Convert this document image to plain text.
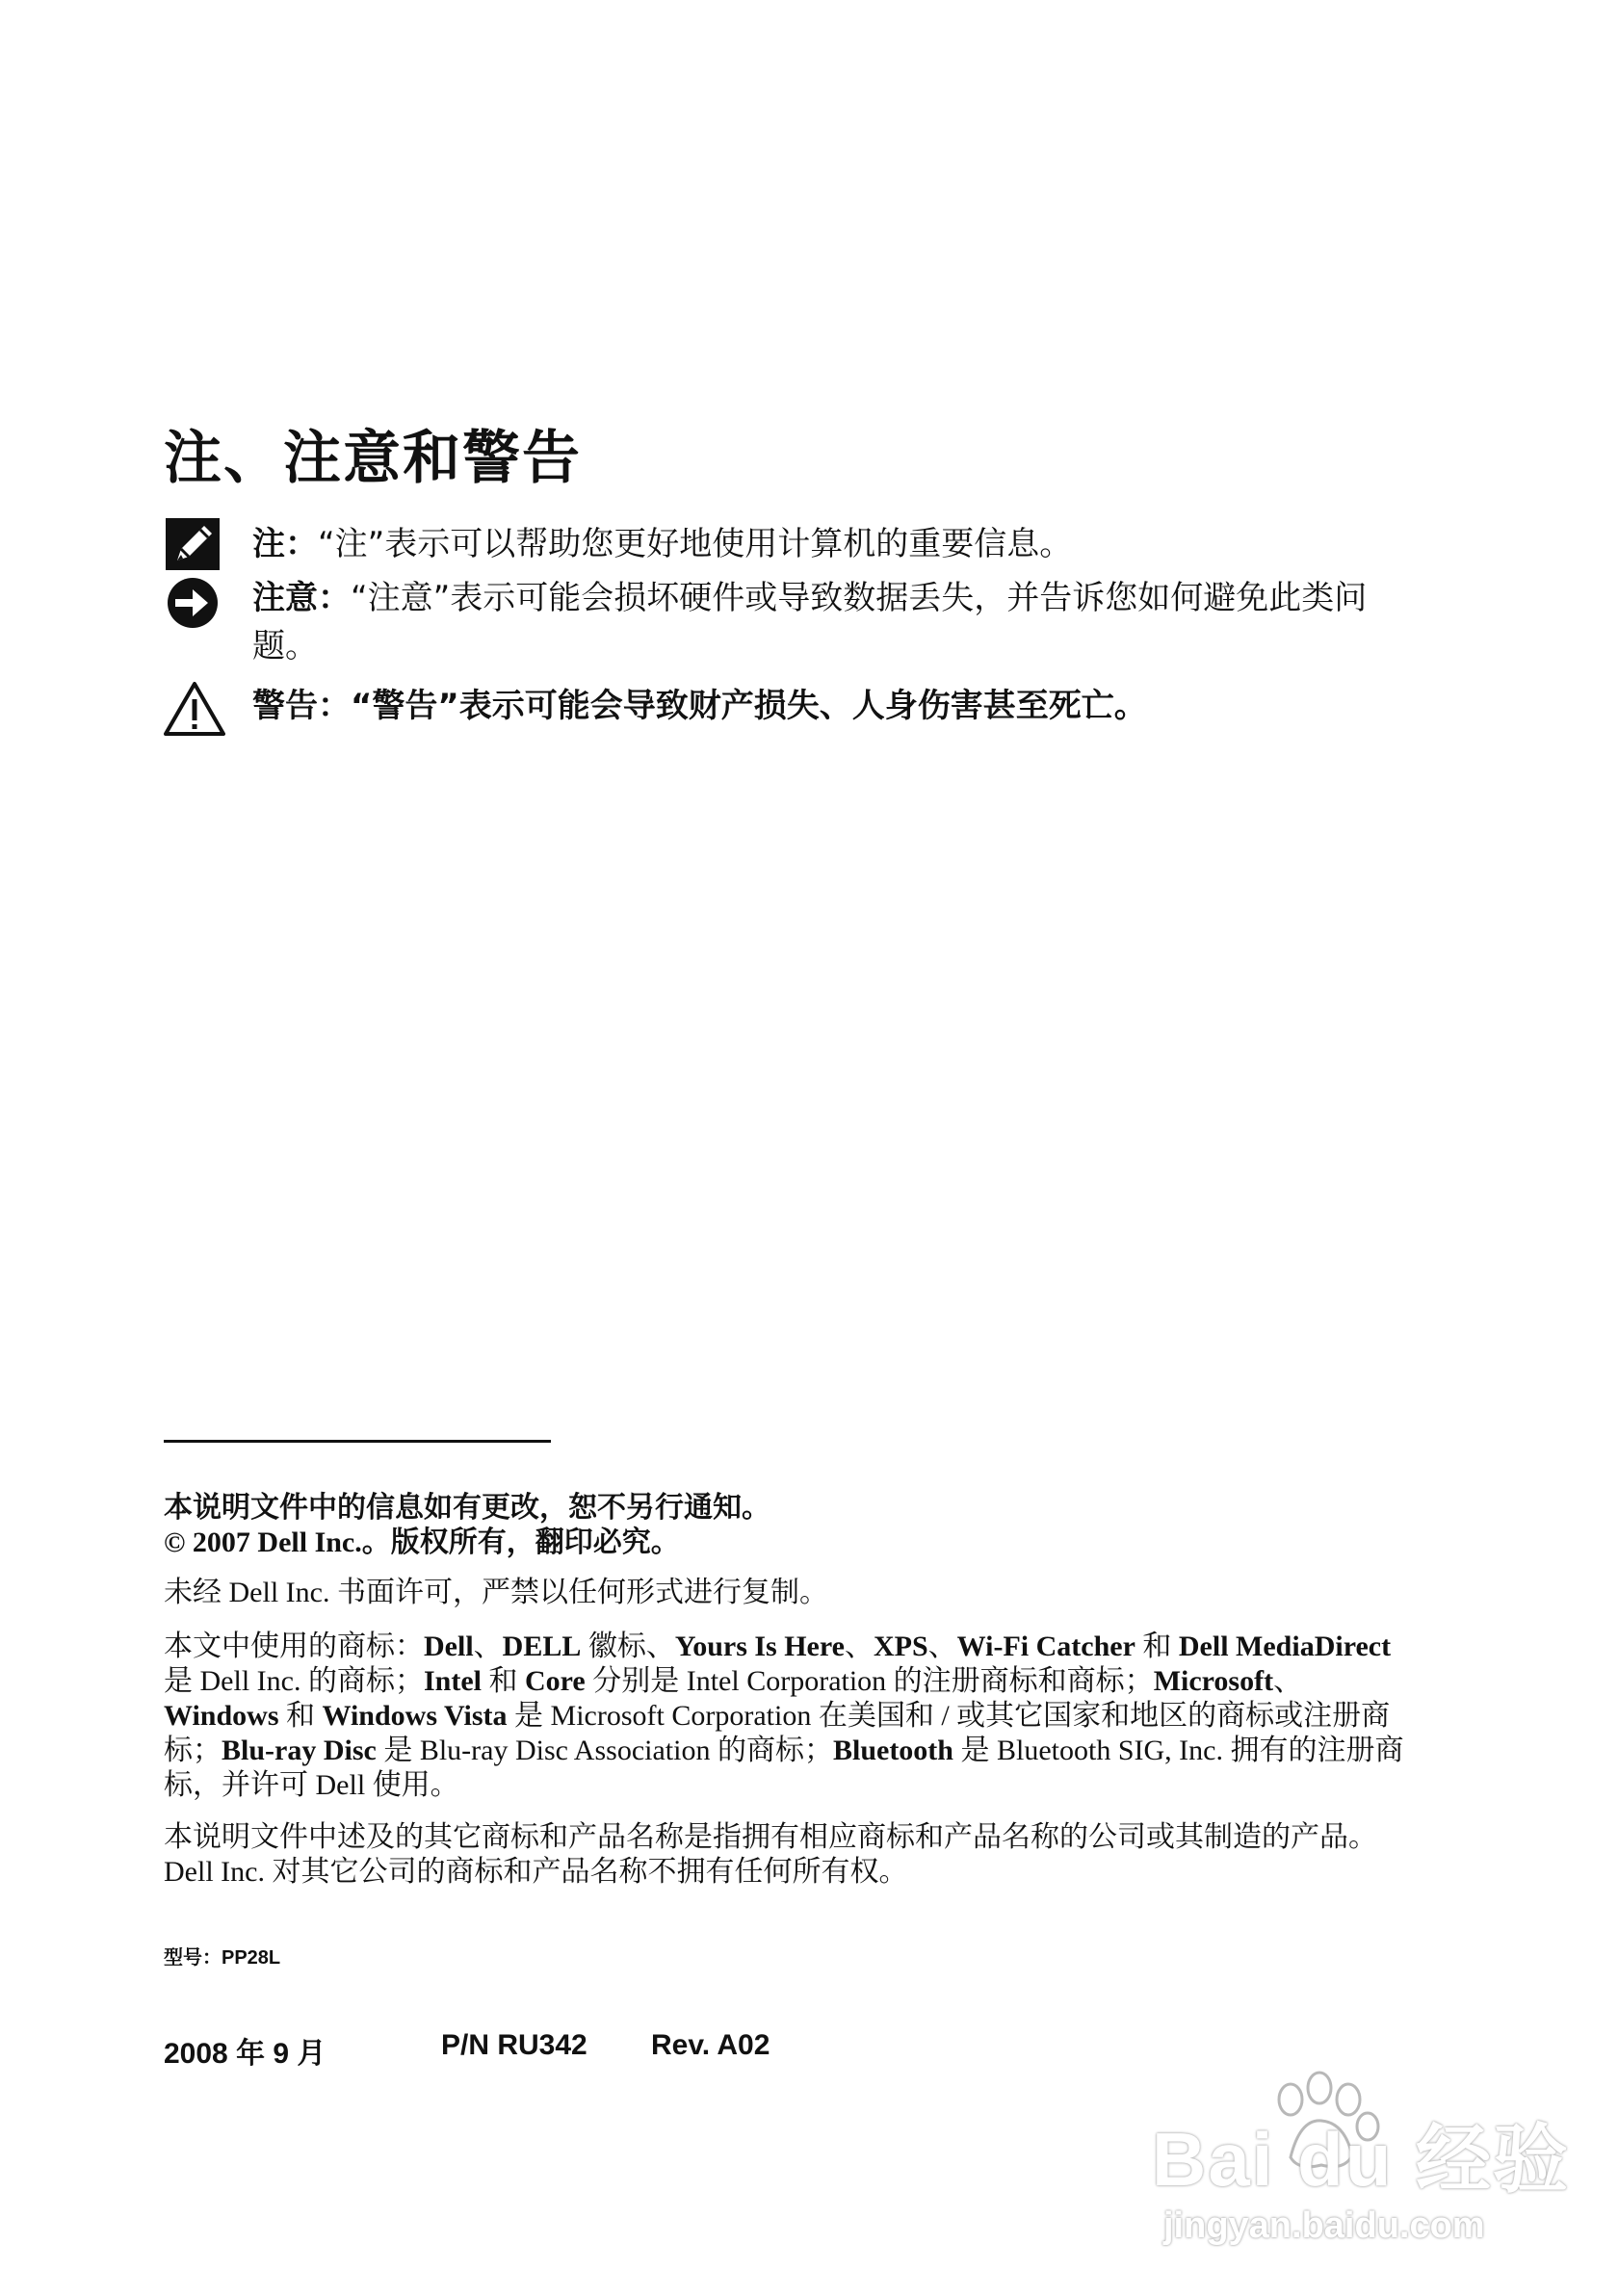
注、注意和警告
注：“注”表示可以帮助您更好地使用计算机的重要信息。
注意：“注意”表示可能会损坏硬件或导致数据丢失，并告诉您如何避免此类问题。
警告：“警告”表示可能会导致财产损失、人身伤害甚至死亡。
本说明文件中的信息如有更改，恕不另行通知。
© 2007 Dell Inc.。版权所有，翻印必究。
未经 Dell Inc. 书面许可，严禁以任何形式进行复制。
本文中使用的商标：Dell、DELL 徽标、Yours Is Here、XPS、Wi-Fi Catcher 和 Dell MediaDirect 是 Dell Inc. 的商标；Intel 和 Core 分别是 Intel Corporation 的注册商标和商标；Microsoft、Windows 和 Windows Vista 是 Microsoft Corporation 在美国和 / 或其它国家和地区的商标或注册商标；Blu-ray Disc 是 Blu-ray Disc Association 的商标；Bluetooth 是 Bluetooth SIG, Inc. 拥有的注册商标，并许可 Dell 使用。
本说明文件中述及的其它商标和产品名称是指拥有相应商标和产品名称的公司或其制造的产品。Dell Inc. 对其它公司的商标和产品名称不拥有任何所有权。
型号：PP28L
2008 年 9 月	P/N RU342 Rev. A02
Bai du 经验
jingyan.baidu.com
